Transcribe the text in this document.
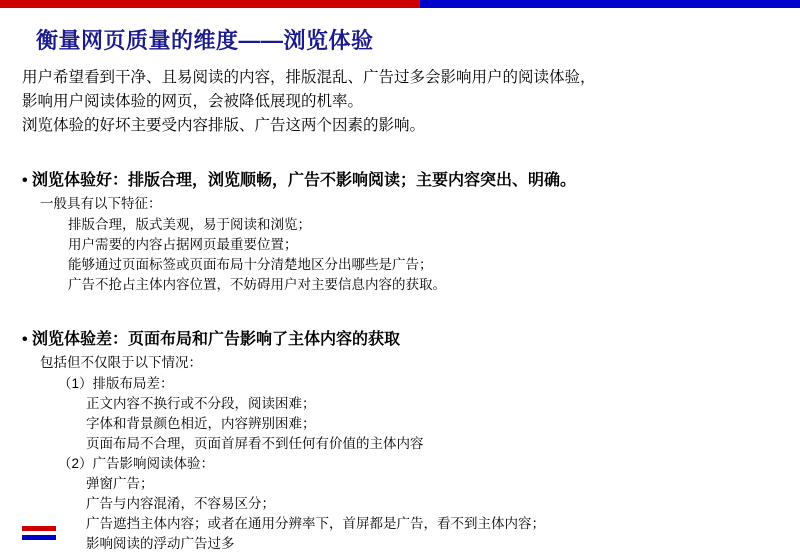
衡量网页质量的维度——浏览体验

用户希望看到干净、且易阅读的内容，排版混乱、广告过多会影响用户的阅读体验，

影响用户阅读体验的网页，会被降低展现的机率。

浏览体验的好坏主要受内容排版、广告这两个因素的影响。

• 浏览体验好：排版合理，浏览顺畅，广告不影响阅读；主要内容突出、明确。
一般具有以下特征：
排版合理，版式美观，易于阅读和浏览；
用户需要的内容占据网页最重要位置；
能够通过页面标签或页面布局十分清楚地区分出哪些是广告；
广告不抢占主体内容位置，不妨碍用户对主要信息内容的获取。
• 浏览体验差：页面布局和广告影响了主体内容的获取
包括但不仅限于以下情况：
（1）排版布局差：
正文内容不换行或不分段，阅读困难；
字体和背景颜色相近，内容辨别困难；
页面布局不合理，页面首屏看不到任何有价值的主体内容
（2）广告影响阅读体验：
弹窗广告；
广告与内容混淆，不容易区分；
广告遮挡主体内容；或者在通用分辨率下，首屏都是广告，看不到主体内容；
影响阅读的浮动广告过多
